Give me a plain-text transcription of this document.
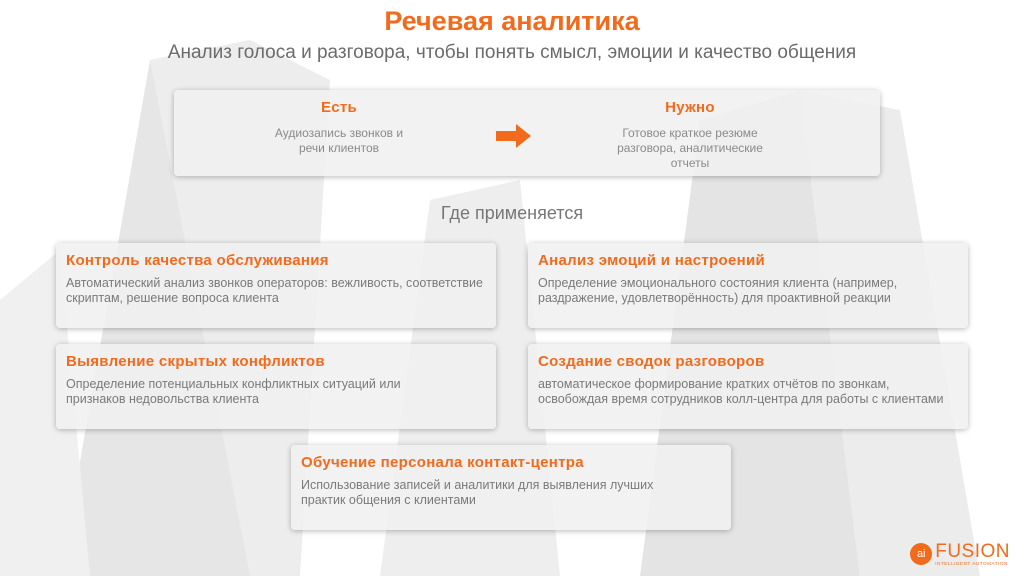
Речевая аналитика
Анализ голоса и разговора, чтобы понять смысл, эмоции и качество общения
Есть

Аудиозапись звонков и речи клиентов

Нужно

Готовое краткое резюме разговора, аналитические отчеты

Где применяется
Контроль качества обслуживания

Автоматический анализ звонков операторов: вежливость, соответствие скриптам, решение вопроса клиента

Анализ эмоций и настроений

Определение эмоционального состояния клиента (например, раздражение, удовлетворённость) для проактивной реакции

Выявление скрытых конфликтов

Определение потенциальных конфликтных ситуаций или признаков недовольства клиента

Создание сводок разговоров

автоматическое формирование кратких отчётов по звонкам, освобождая время сотрудников колл-центра для работы с клиентами

Обучение персонала контакт-центра

Использование записей и аналитики для выявления лучших практик общения с клиентами

ai FUSION
INTELLIGENT AUTOMATION
